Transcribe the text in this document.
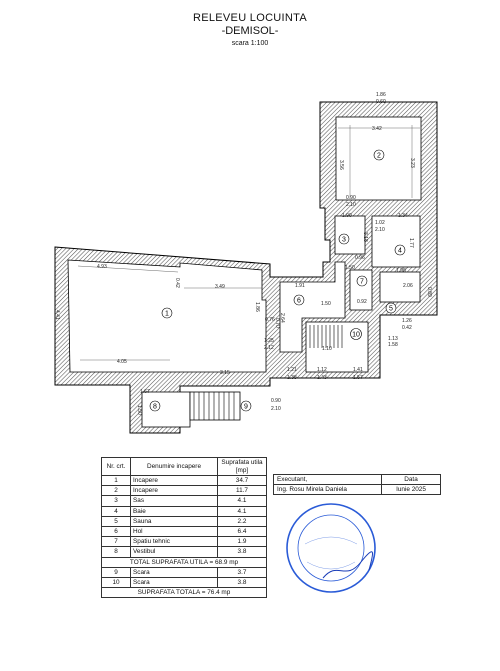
RELEVEU LOCUINTA
-DEMISOL-
scara 1:100
1.86
0.60
3.42
3.56	3.23
0.90
2.10
1.90	1.34
1.02
2.10
3.18
1.77
0.96
1.98
1.50
2.06
0.89
1.26
0.42
1.13
1.58
4.41
4.93
0.42	3.49
1.86
0.76
1.91
0.70
2.64
1.50	0.92
1.25
2.12
4.05
3.15	1.21
1.38
1.12
1.43
1.41
1.57
1.67
1.50
0.90
2.10
1.10
1
2
3
4
5
6
7
8	9
10
Nr. crt.	Denumire incapere	Suprafata utila [mp]
1	Incapere	34.7
2	Incapere	11.7
3	Sas	4.1
4	Baie	4.1
5	Sauna	2.2
6	Hol	6.4
7	Spatiu tehnic	1.9
8	Vestibul	3.8
TOTAL SUPRAFATA UTILA = 68.9 mp		
9	Scara	3.7
10	Scara	3.8
SUPRAFATA TOTALA = 76.4 mp		
Executant,	Data
Ing. Rosu Mirela Daniela	Iunie 2025
